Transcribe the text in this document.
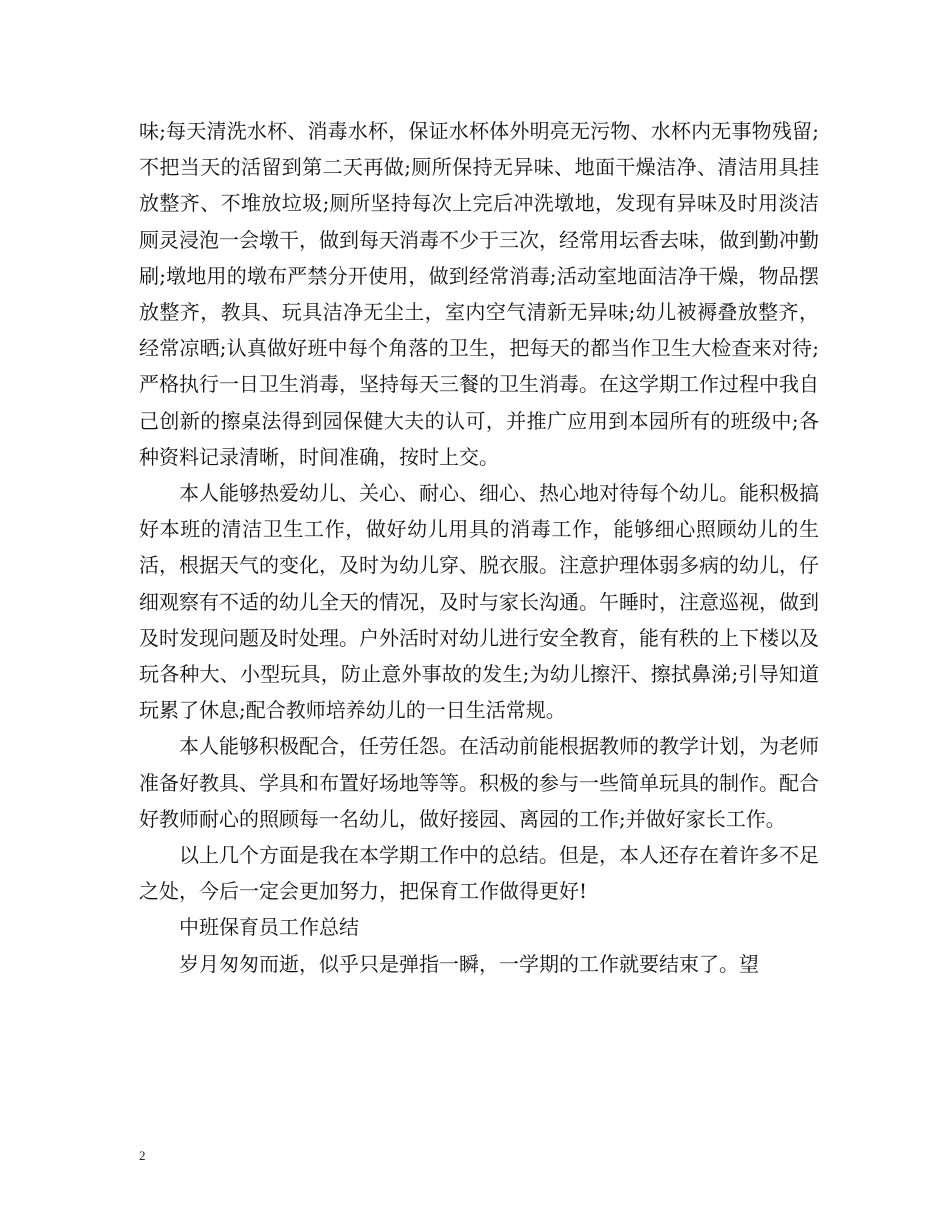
味;每天清洗水杯、消毒水杯，保证水杯体外明亮无污物、水杯内无事物残留;不把当天的活留到第二天再做;厕所保持无异味、地面干燥洁净、清洁用具挂放整齐、不堆放垃圾;厕所坚持每次上完后冲洗墩地，发现有异味及时用淡洁厕灵浸泡一会墩干，做到每天消毒不少于三次，经常用坛香去味，做到勤冲勤刷;墩地用的墩布严禁分开使用，做到经常消毒;活动室地面洁净干燥，物品摆放整齐，教具、玩具洁净无尘土，室内空气清新无异味;幼儿被褥叠放整齐，经常凉晒;认真做好班中每个角落的卫生，把每天的都当作卫生大检查来对待;严格执行一日卫生消毒，坚持每天三餐的卫生消毒。在这学期工作过程中我自己创新的擦桌法得到园保健大夫的认可，并推广应用到本园所有的班级中;各种资料记录清晰，时间准确，按时上交。

本人能够热爱幼儿、关心、耐心、细心、热心地对待每个幼儿。能积极搞好本班的清洁卫生工作，做好幼儿用具的消毒工作，能够细心照顾幼儿的生活，根据天气的变化，及时为幼儿穿、脱衣服。注意护理体弱多病的幼儿，仔细观察有不适的幼儿全天的情况，及时与家长沟通。午睡时，注意巡视，做到及时发现问题及时处理。户外活时对幼儿进行安全教育，能有秩的上下楼以及玩各种大、小型玩具，防止意外事故的发生;为幼儿擦汗、擦拭鼻涕;引导知道玩累了休息;配合教师培养幼儿的一日生活常规。

本人能够积极配合，任劳任怨。在活动前能根据教师的教学计划，为老师准备好教具、学具和布置好场地等等。积极的参与一些简单玩具的制作。配合好教师耐心的照顾每一名幼儿，做好接园、离园的工作;并做好家长工作。

以上几个方面是我在本学期工作中的总结。但是，本人还存在着许多不足之处，今后一定会更加努力，把保育工作做得更好!

中班保育员工作总结

岁月匆匆而逝，似乎只是弹指一瞬，一学期的工作就要结束了。望

2
